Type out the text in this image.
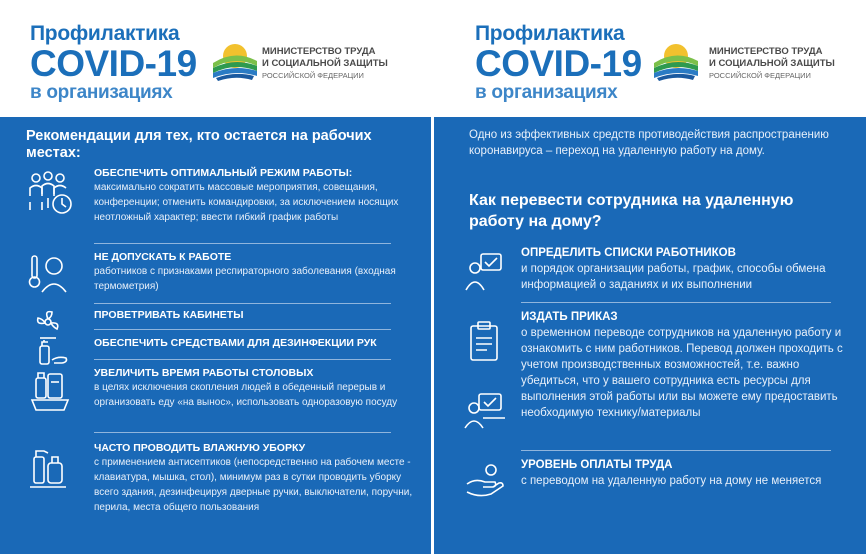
Профилактика
COVID-19
в организациях
МИНИСТЕРСТВО ТРУДА
И СОЦИАЛЬНОЙ ЗАЩИТЫ
РОССИЙСКОЙ ФЕДЕРАЦИИ
Рекомендации для тех, кто остается на рабочих местах:
ОБЕСПЕЧИТЬ ОПТИМАЛЬНЫЙ РЕЖИМ РАБОТЫ:
максимально сократить массовые мероприятия, совещания, конференции; отменить командировки, за исключением носящих неотложный характер; ввести гибкий график работы
НЕ ДОПУСКАТЬ К РАБОТЕ
работников с признаками респираторного заболевания (входная термометрия)
ПРОВЕТРИВАТЬ КАБИНЕТЫ
ОБЕСПЕЧИТЬ СРЕДСТВАМИ ДЛЯ ДЕЗИНФЕКЦИИ РУК
УВЕЛИЧИТЬ ВРЕМЯ РАБОТЫ СТОЛОВЫХ
в целях исключения скопления людей в обеденный перерыв и организовать еду «на вынос», использовать одноразовую посуду
ЧАСТО ПРОВОДИТЬ ВЛАЖНУЮ УБОРКУ
с применением антисептиков (непосредственно на рабочем месте - клавиатура, мышка, стол), минимум раз в сутки проводить уборку всего здания, дезинфецируя дверные ручки, выключатели, поручни, перила, места общего пользования
Профилактика
COVID-19
в организациях
МИНИСТЕРСТВО ТРУДА
И СОЦИАЛЬНОЙ ЗАЩИТЫ
РОССИЙСКОЙ ФЕДЕРАЦИИ
Одно из эффективных средств противодействия распространению коронавируса – переход на удаленную работу на дому.
Как перевести сотрудника на удаленную работу на дому?
ОПРЕДЕЛИТЬ СПИСКИ РАБОТНИКОВ
и порядок организации работы, график, способы обмена информацией о заданиях и их выполнении
ИЗДАТЬ ПРИКАЗ
о временном переводе сотрудников на удаленную работу и ознакомить с ним работников. Перевод должен проходить с учетом производственных возможностей, т.е. важно убедиться, что у вашего сотрудника есть ресурсы для выполнения этой работы или вы можете ему предоставить необходимую технику/материалы
УРОВЕНЬ ОПЛАТЫ ТРУДА
с переводом на удаленную работу на дому не меняется
